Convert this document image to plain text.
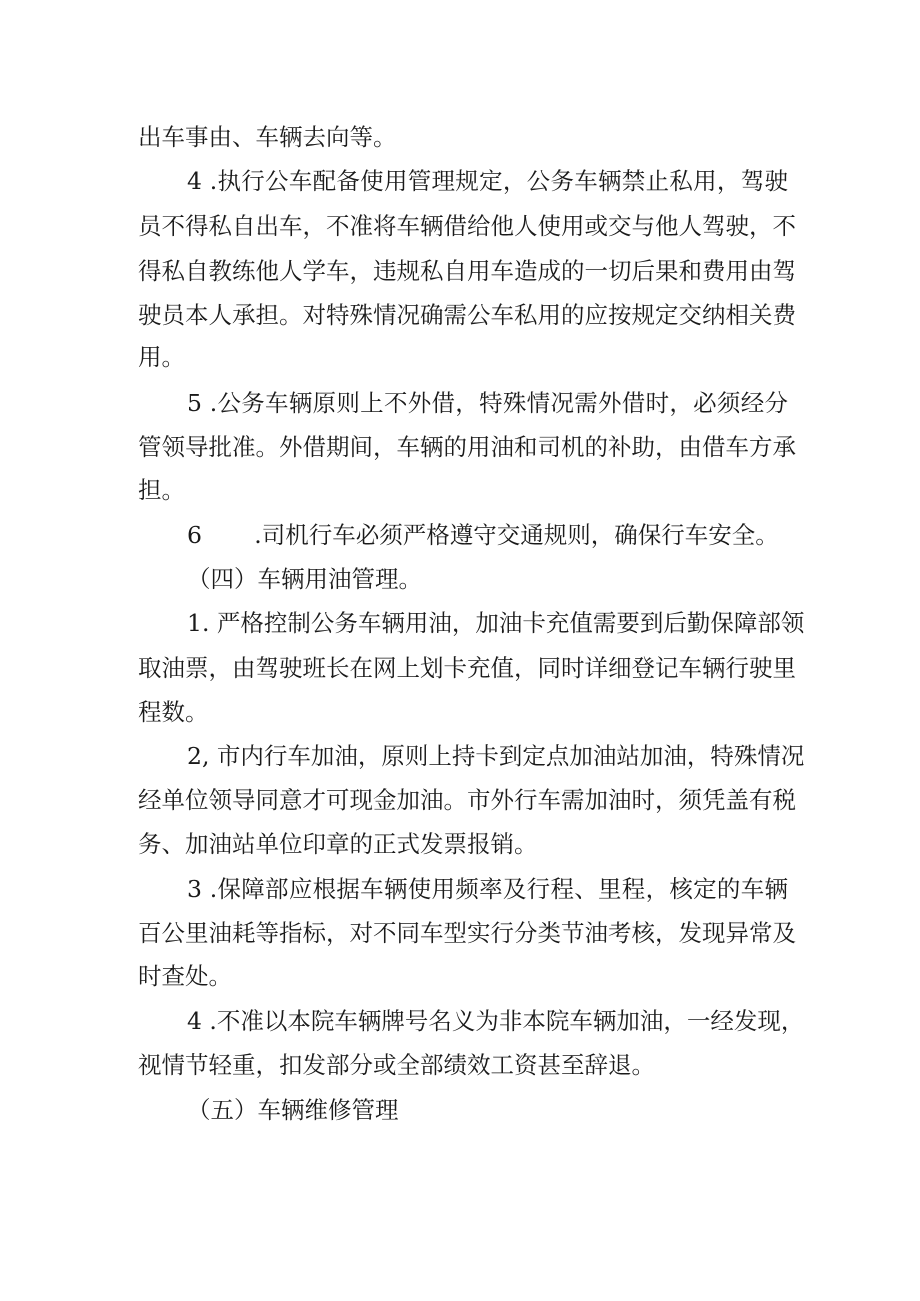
出车事由、车辆去向等。
4 .执行公车配备使用管理规定，公务车辆禁止私用，驾驶
员不得私自出车，不准将车辆借给他人使用或交与他人驾驶，不
得私自教练他人学车，违规私自用车造成的一切后果和费用由驾
驶员本人承担。对特殊情况确需公车私用的应按规定交纳相关费
用。
5 .公务车辆原则上不外借，特殊情况需外借时，必须经分
管领导批准。外借期间，车辆的用油和司机的补助，由借车方承
担。
6       .司机行车必须严格遵守交通规则，确保行车安全。
（四）车辆用油管理。
1. 严格控制公务车辆用油，加油卡充值需要到后勤保障部领
取油票，由驾驶班长在网上划卡充值，同时详细登记车辆行驶里
程数。
2, 市内行车加油，原则上持卡到定点加油站加油，特殊情况
经单位领导同意才可现金加油。市外行车需加油时，须凭盖有税
务、加油站单位印章的正式发票报销。
3 .保障部应根据车辆使用频率及行程、里程，核定的车辆
百公里油耗等指标，对不同车型实行分类节油考核，发现异常及
时查处。
4 .不准以本院车辆牌号名义为非本院车辆加油，一经发现，
视情节轻重，扣发部分或全部绩效工资甚至辞退。
（五）车辆维修管理
